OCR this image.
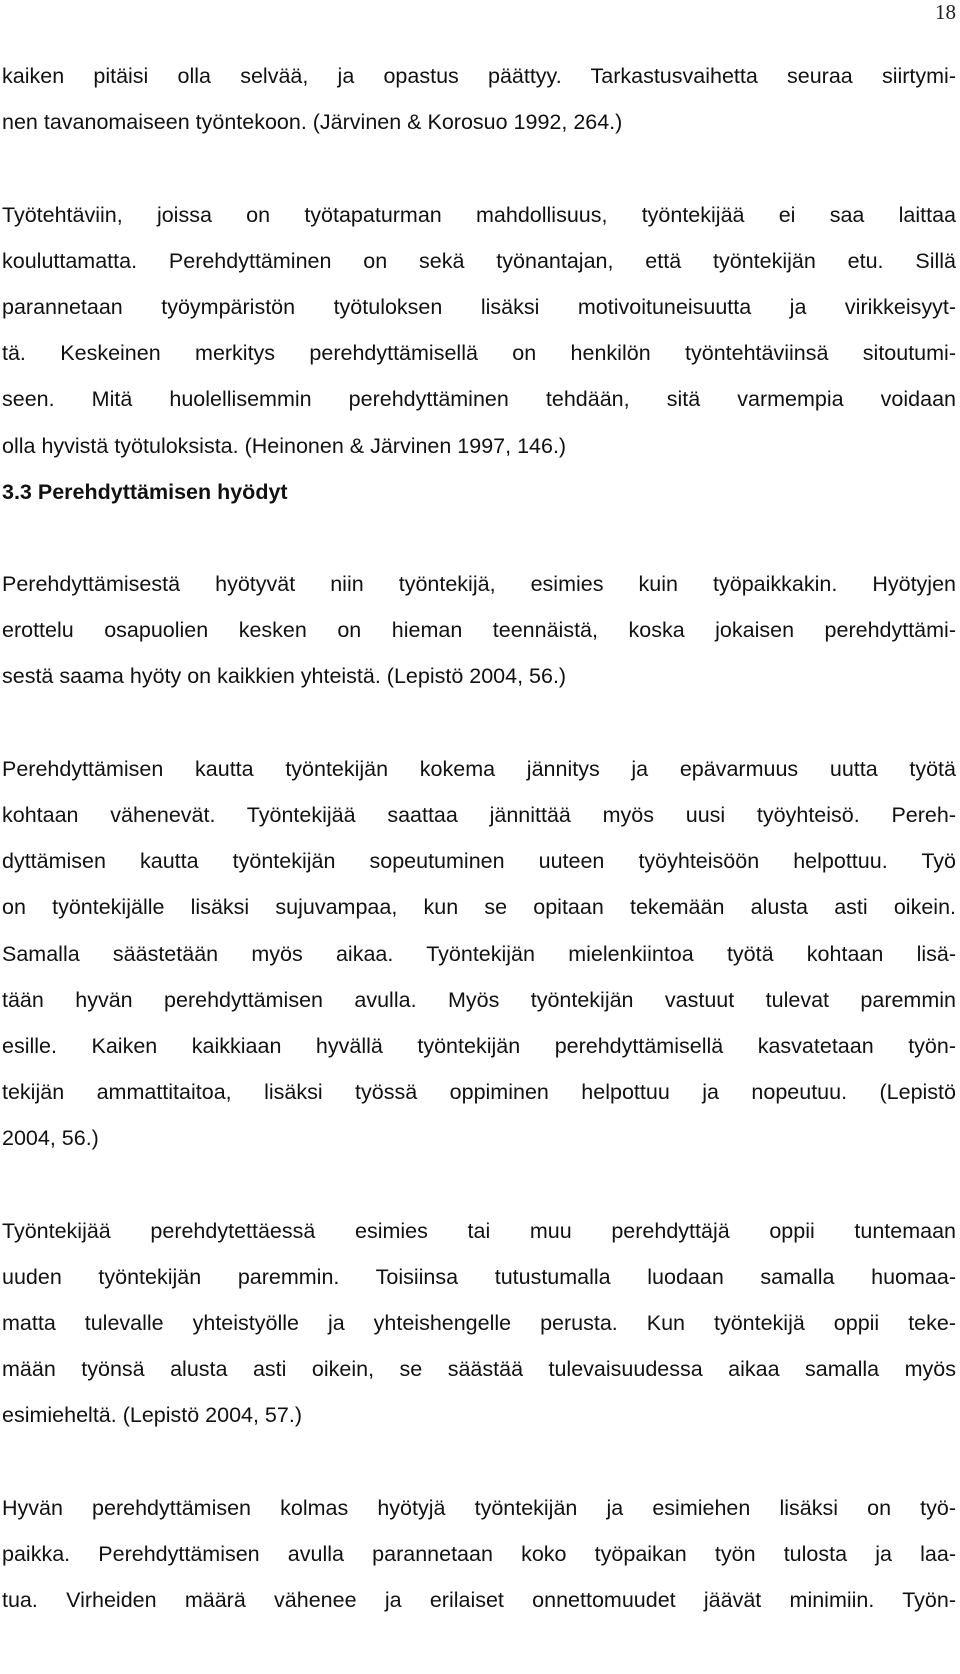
18

kaiken pitäisi olla selvää, ja opastus päättyy. Tarkastusvaihetta seuraa siirtymi-
nen tavanomaiseen työntekoon. (Järvinen & Korosuo 1992, 264.)

Työtehtäviin, joissa on työtapaturman mahdollisuus, työntekijää ei saa laittaa
kouluttamatta. Perehdyttäminen on sekä työnantajan, että työntekijän etu. Sillä
parannetaan työympäristön työtuloksen lisäksi motivoituneisuutta ja virikkeisyyt-
tä. Keskeinen merkitys perehdyttämisellä on henkilön työntehtäviinsä sitoutumi-
seen. Mitä huolellisemmin perehdyttäminen tehdään, sitä varmempia voidaan
olla hyvistä työtuloksista. (Heinonen & Järvinen 1997, 146.)

3.3 Perehdyttämisen hyödyt

Perehdyttämisestä hyötyvät niin työntekijä, esimies kuin työpaikkakin. Hyötyjen
erottelu osapuolien kesken on hieman teennäistä, koska jokaisen perehdyttämi-
sestä saama hyöty on kaikkien yhteistä. (Lepistö 2004, 56.)

Perehdyttämisen kautta työntekijän kokema jännitys ja epävarmuus uutta työtä
kohtaan vähenevät. Työntekijää saattaa jännittää myös uusi työyhteisö. Pereh-
dyttämisen kautta työntekijän sopeutuminen uuteen työyhteisöön helpottuu. Työ
on työntekijälle lisäksi sujuvampaa, kun se opitaan tekemään alusta asti oikein.
Samalla säästetään myös aikaa. Työntekijän mielenkiintoa työtä kohtaan lisä-
tään hyvän perehdyttämisen avulla. Myös työntekijän vastuut tulevat paremmin
esille. Kaiken kaikkiaan hyvällä työntekijän perehdyttämisellä kasvatetaan työn-
tekijän ammattitaitoa, lisäksi työssä oppiminen helpottuu ja nopeutuu. (Lepistö
2004, 56.)

Työntekijää perehdytettäessä esimies tai muu perehdyttäjä oppii tuntemaan
uuden työntekijän paremmin. Toisiinsa tutustumalla luodaan samalla huomaa-
matta tulevalle yhteistyölle ja yhteishengelle perusta. Kun työntekijä oppii teke-
mään työnsä alusta asti oikein, se säästää tulevaisuudessa aikaa samalla myös
esimieheltä. (Lepistö 2004, 57.)

Hyvän perehdyttämisen kolmas hyötyjä työntekijän ja esimiehen lisäksi on työ-
paikka. Perehdyttämisen avulla parannetaan koko työpaikan työn tulosta ja laa-
tua. Virheiden määrä vähenee ja erilaiset onnettomuudet jäävät minimiin. Työn-
